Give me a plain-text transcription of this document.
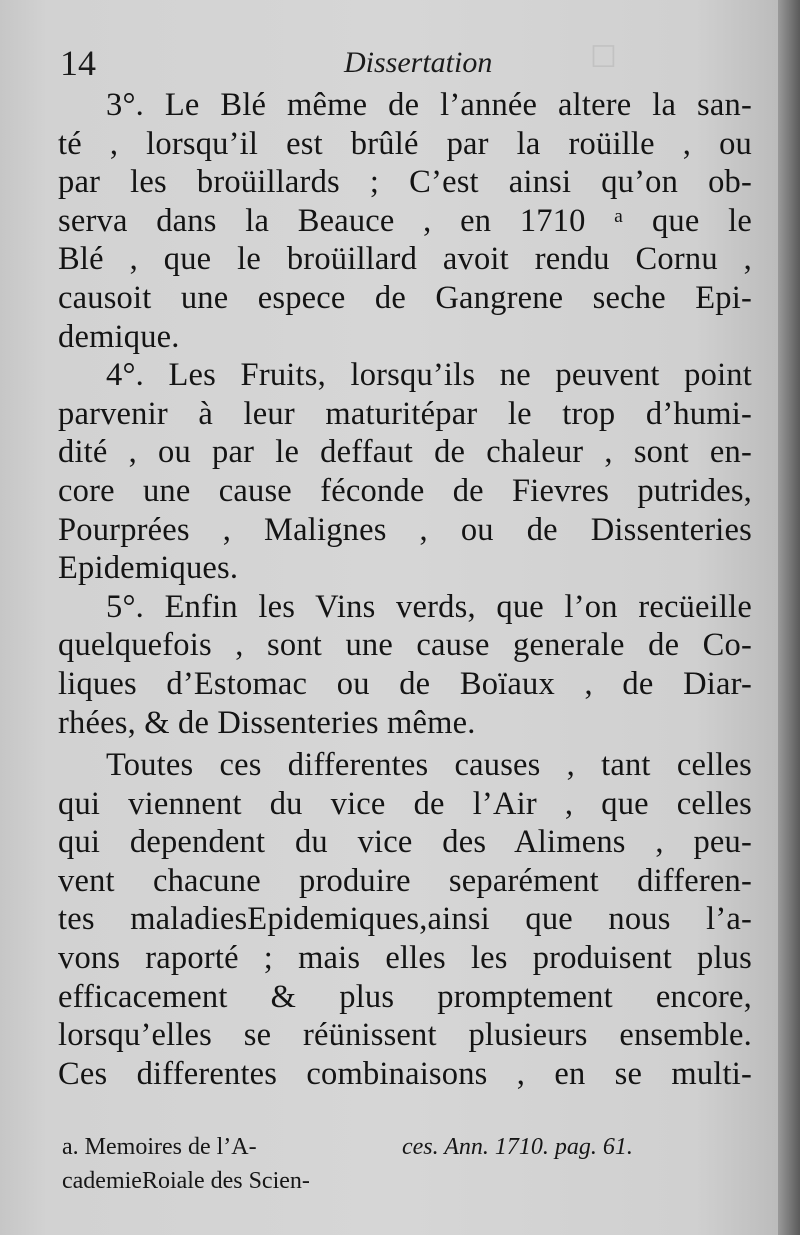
☐
14	Dissertation
3°. Le Blé même de l’année altere la san-
té , lorsqu’il est brûlé par la roüille , ou
par les broüillards ; C’est ainsi qu’on ob-
serva dans la Beauce , en 1710 ᵃ que le
Blé , que le broüillard avoit rendu Cornu ,
causoit une espece de Gangrene seche Epi-
demique.
4°. Les Fruits, lorsqu’ils ne peuvent point
parvenir à leur maturitépar le trop d’humi-
dité , ou par le deffaut de chaleur , sont en-
core une cause féconde de Fievres putrides,
Pourprées , Malignes , ou de Dissenteries
Epidemiques.
5°. Enfin les Vins verds, que l’on recüeille
quelquefois , sont une cause generale de Co-
liques d’Estomac ou de Boïaux , de Diar-
rhées, & de Dissenteries même.
Toutes ces differentes causes , tant celles
qui viennent du vice de l’Air , que celles
qui dependent du vice des Alimens , peu-
vent chacune produire separément differen-
tes maladiesEpidemiques,ainsi que nous l’a-
vons raporté ; mais elles les produisent plus
efficacement & plus promptement encore,
lorsqu’elles se réünissent plusieurs ensemble.
Ces differentes combinaisons , en se multi-
a. Memoires de l’A-	ces. Ann. 1710. pag. 61.
cademieRoiale des Scien-
